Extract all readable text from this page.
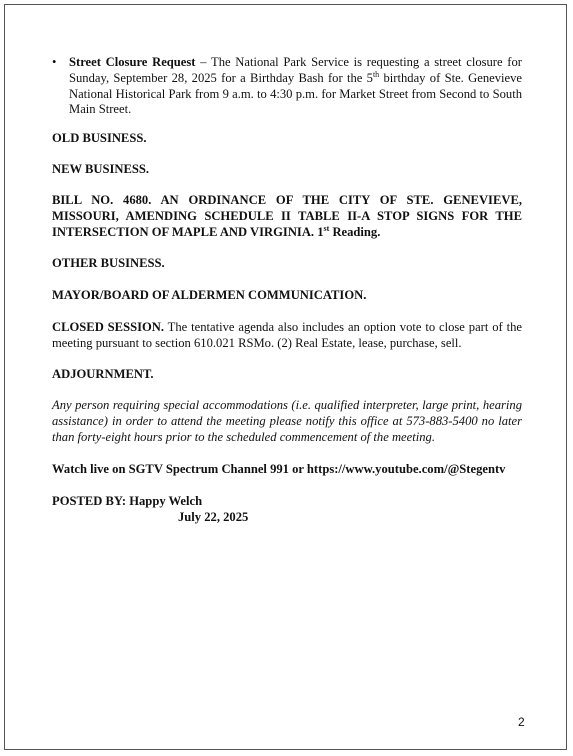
• Street Closure Request – The National Park Service is requesting a street closure for Sunday, September 28, 2025 for a Birthday Bash for the 5th birthday of Ste. Genevieve National Historical Park from 9 a.m. to 4:30 p.m. for Market Street from Second to South Main Street.
OLD BUSINESS.
NEW BUSINESS.
BILL NO. 4680. AN ORDINANCE OF THE CITY OF STE. GENEVIEVE, MISSOURI, AMENDING SCHEDULE II TABLE II-A STOP SIGNS FOR THE INTERSECTION OF MAPLE AND VIRGINIA. 1st Reading.
OTHER BUSINESS.
MAYOR/BOARD OF ALDERMEN COMMUNICATION.
CLOSED SESSION. The tentative agenda also includes an option vote to close part of the meeting pursuant to section 610.021 RSMo. (2) Real Estate, lease, purchase, sell.
ADJOURNMENT.
Any person requiring special accommodations (i.e. qualified interpreter, large print, hearing assistance) in order to attend the meeting please notify this office at 573-883-5400 no later than forty-eight hours prior to the scheduled commencement of the meeting.
Watch live on SGTV Spectrum Channel 991 or https://www.youtube.com/@Stegentv
POSTED BY: Happy Welch
July 22, 2025
2
